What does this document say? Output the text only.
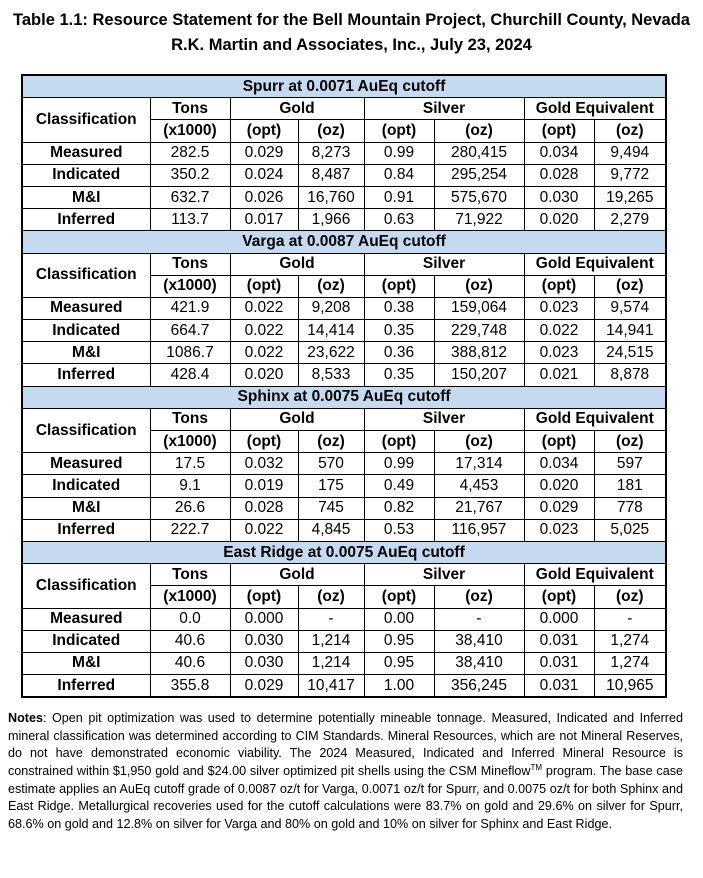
Table 1.1: Resource Statement for the Bell Mountain Project, Churchill County, Nevada
R.K. Martin and Associates, Inc., July 23, 2024
Spurr at 0.0071 AuEq cutoff							
Classification	Tons	Gold		Silver		Gold Equivalent	
	(x1000)	(opt)	(oz)	(opt)	(oz)	(opt)	(oz)
Measured	282.5	0.029	8,273	0.99	280,415	0.034	9,494
Indicated	350.2	0.024	8,487	0.84	295,254	0.028	9,772
M&I	632.7	0.026	16,760	0.91	575,670	0.030	19,265
Inferred	113.7	0.017	1,966	0.63	71,922	0.020	2,279
Varga at 0.0087 AuEq cutoff							
Classification	Tons	Gold		Silver		Gold Equivalent	
	(x1000)	(opt)	(oz)	(opt)	(oz)	(opt)	(oz)
Measured	421.9	0.022	9,208	0.38	159,064	0.023	9,574
Indicated	664.7	0.022	14,414	0.35	229,748	0.022	14,941
M&I	1086.7	0.022	23,622	0.36	388,812	0.023	24,515
Inferred	428.4	0.020	8,533	0.35	150,207	0.021	8,878
Sphinx at 0.0075 AuEq cutoff							
Classification	Tons	Gold		Silver		Gold Equivalent	
	(x1000)	(opt)	(oz)	(opt)	(oz)	(opt)	(oz)
Measured	17.5	0.032	570	0.99	17,314	0.034	597
Indicated	9.1	0.019	175	0.49	4,453	0.020	181
M&I	26.6	0.028	745	0.82	21,767	0.029	778
Inferred	222.7	0.022	4,845	0.53	116,957	0.023	5,025
East Ridge at 0.0075 AuEq cutoff							
Classification	Tons	Gold		Silver		Gold Equivalent	
	(x1000)	(opt)	(oz)	(opt)	(oz)	(opt)	(oz)
Measured	0.0	0.000	-	0.00	-	0.000	-
Indicated	40.6	0.030	1,214	0.95	38,410	0.031	1,274
M&I	40.6	0.030	1,214	0.95	38,410	0.031	1,274
Inferred	355.8	0.029	10,417	1.00	356,245	0.031	10,965
Notes: Open pit optimization was used to determine potentially mineable tonnage. Measured, Indicated and Inferred mineral classification was determined according to CIM Standards. Mineral Resources, which are not Mineral Reserves, do not have demonstrated economic viability. The 2024 Measured, Indicated and Inferred Mineral Resource is constrained within $1,950 gold and $24.00 silver optimized pit shells using the CSM Mineflow™ program. The base case estimate applies an AuEq cutoff grade of 0.0087 oz/t for Varga, 0.0071 oz/t for Spurr, and 0.0075 oz/t for both Sphinx and East Ridge. Metallurgical recoveries used for the cutoff calculations were 83.7% on gold and 29.6% on silver for Spurr, 68.6% on gold and 12.8% on silver for Varga and 80% on gold and 10% on silver for Sphinx and East Ridge.
